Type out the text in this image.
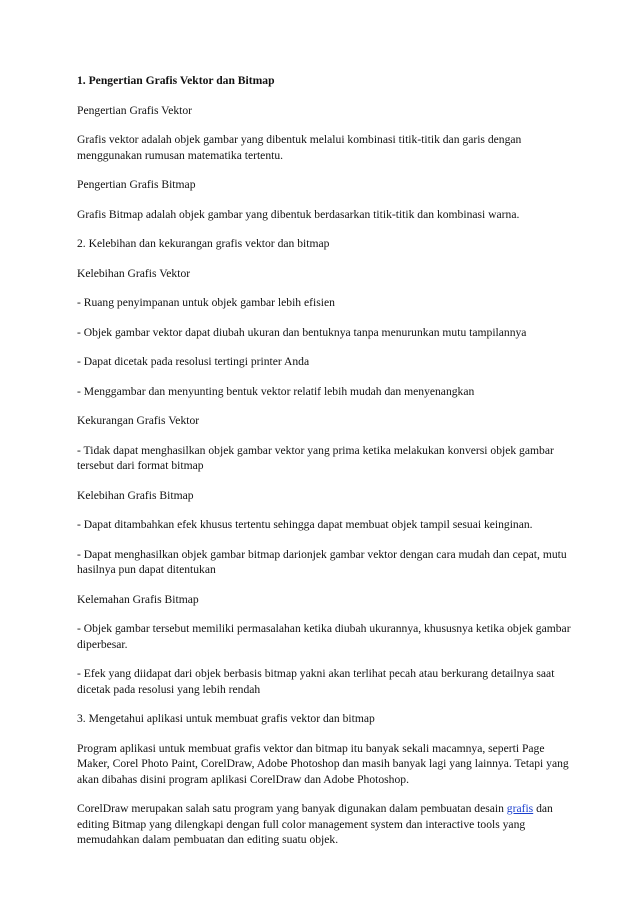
1. Pengertian Grafis Vektor dan Bitmap

Pengertian Grafis Vektor

Grafis vektor adalah objek gambar yang dibentuk melalui kombinasi titik-titik dan garis dengan menggunakan rumusan matematika tertentu.

Pengertian Grafis Bitmap

Grafis Bitmap adalah objek gambar yang dibentuk berdasarkan titik-titik dan kombinasi warna.

2. Kelebihan dan kekurangan grafis vektor dan bitmap

Kelebihan Grafis Vektor

- Ruang penyimpanan untuk objek gambar lebih efisien

- Objek gambar vektor dapat diubah ukuran dan bentuknya tanpa menurunkan mutu tampilannya

- Dapat dicetak pada resolusi tertingi printer Anda

- Menggambar dan menyunting bentuk vektor relatif lebih mudah dan menyenangkan

Kekurangan Grafis Vektor

- Tidak dapat menghasilkan objek gambar vektor yang prima ketika melakukan konversi objek gambar tersebut dari format bitmap

Kelebihan Grafis Bitmap

- Dapat ditambahkan efek khusus tertentu sehingga dapat membuat objek tampil sesuai keinginan.

- Dapat menghasilkan objek gambar bitmap darionjek gambar vektor dengan cara mudah dan cepat, mutu hasilnya pun dapat ditentukan

Kelemahan Grafis Bitmap

- Objek gambar tersebut memiliki permasalahan ketika diubah ukurannya, khususnya ketika objek gambar diperbesar.

- Efek yang diidapat dari objek berbasis bitmap yakni akan terlihat pecah atau berkurang detailnya saat dicetak pada resolusi yang lebih rendah

3. Mengetahui aplikasi untuk membuat grafis vektor dan bitmap

Program aplikasi untuk membuat grafis vektor dan bitmap itu banyak sekali macamnya, seperti Page Maker, Corel Photo Paint, CorelDraw, Adobe Photoshop dan masih banyak lagi yang lainnya. Tetapi yang akan dibahas disini program aplikasi CorelDraw dan Adobe Photoshop.

CorelDraw merupakan salah satu program yang banyak digunakan dalam pembuatan desain grafis dan editing Bitmap yang dilengkapi dengan full color management system dan interactive tools yang memudahkan dalam pembuatan dan editing suatu objek.
